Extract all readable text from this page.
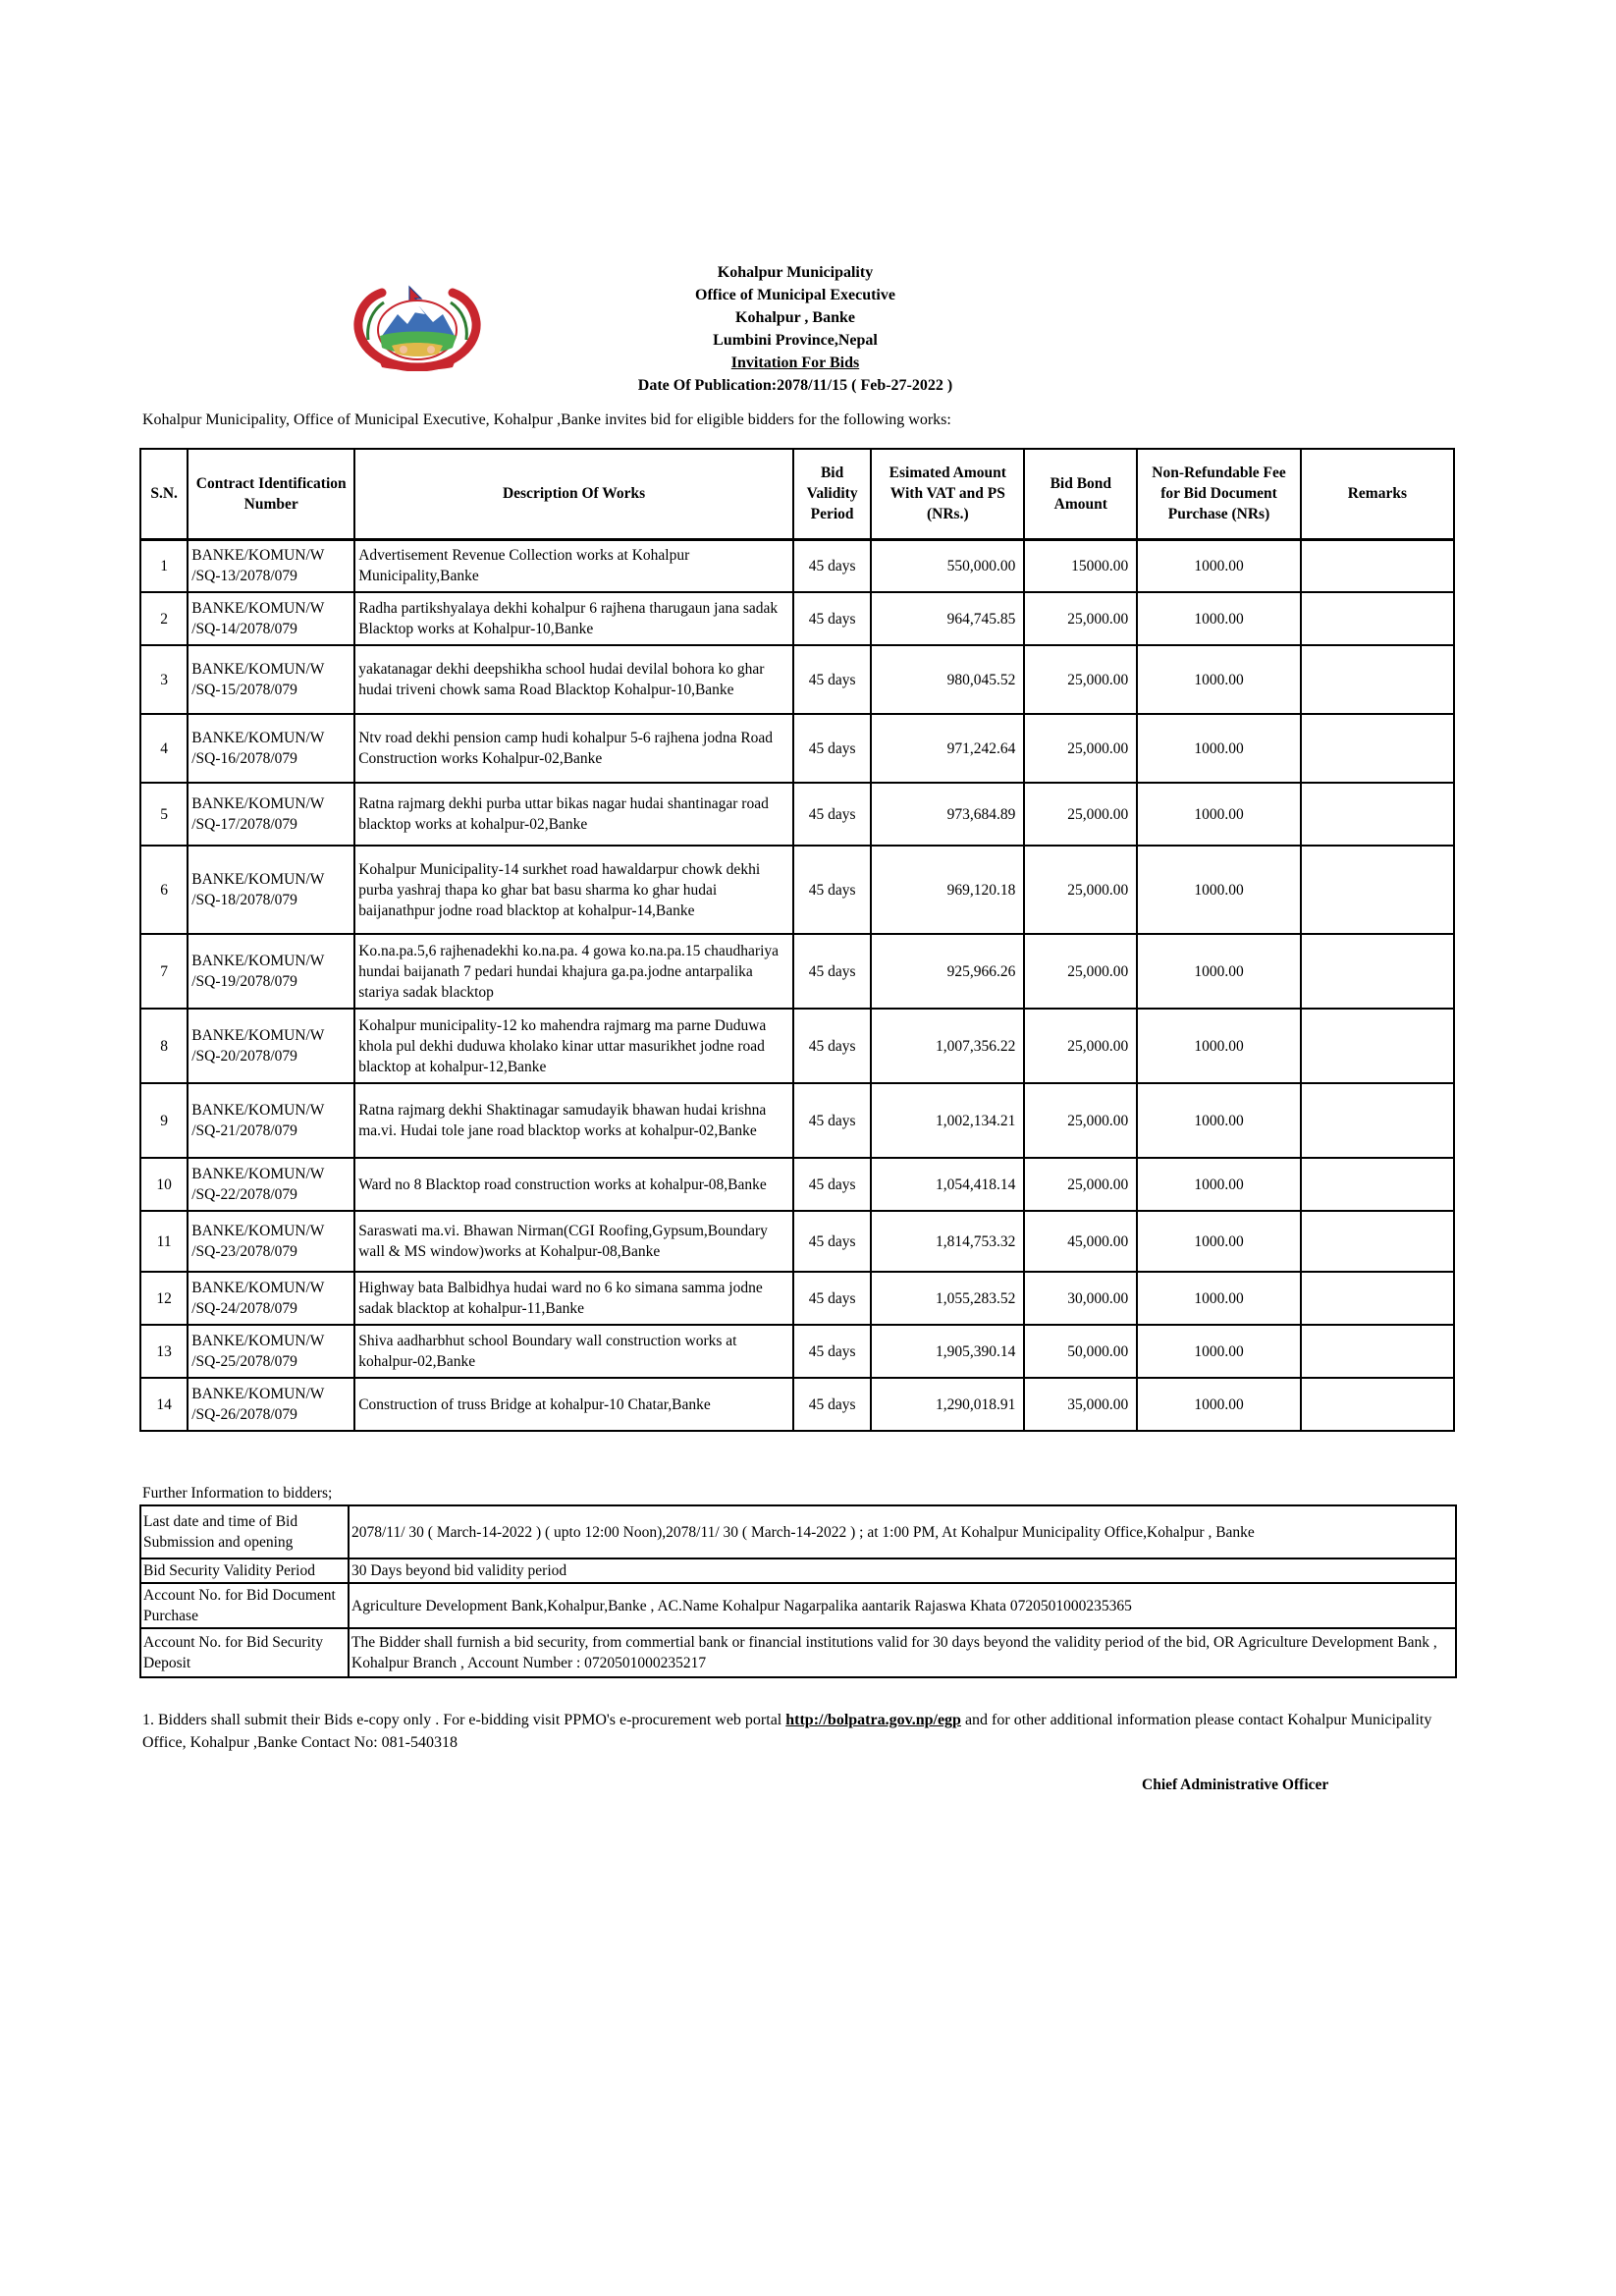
Kohalpur Municipality
Office of Municipal Executive
Kohalpur , Banke
Lumbini Province,Nepal
Invitation For Bids
Date Of Publication:2078/11/15 ( Feb-27-2022 )
Kohalpur Municipality, Office of Municipal Executive, Kohalpur ,Banke invites bid for eligible bidders for the following works:
S.N.	Contract Identification Number	Description Of Works	Bid Validity Period	Esimated Amount With VAT and PS (NRs.)	Bid Bond Amount	Non-Refundable Fee for Bid Document Purchase (NRs)	Remarks
1	BANKE/KOMUN/W /SQ-13/2078/079	Advertisement Revenue Collection works at Kohalpur Municipality,Banke	45 days	550,000.00	15000.00	1000.00	
2	BANKE/KOMUN/W /SQ-14/2078/079	Radha partikshyalaya dekhi kohalpur 6 rajhena tharugaun jana sadak Blacktop works at Kohalpur-10,Banke	45 days	964,745.85	25,000.00	1000.00	
3	BANKE/KOMUN/W /SQ-15/2078/079	yakatanagar dekhi deepshikha school hudai devilal bohora ko ghar hudai triveni chowk sama Road Blacktop Kohalpur-10,Banke	45 days	980,045.52	25,000.00	1000.00	
4	BANKE/KOMUN/W /SQ-16/2078/079	Ntv road dekhi pension camp hudi kohalpur 5-6 rajhena jodna Road Construction works Kohalpur-02,Banke	45 days	971,242.64	25,000.00	1000.00	
5	BANKE/KOMUN/W /SQ-17/2078/079	Ratna rajmarg dekhi purba uttar bikas nagar hudai shantinagar road blacktop works at kohalpur-02,Banke	45 days	973,684.89	25,000.00	1000.00	
6	BANKE/KOMUN/W /SQ-18/2078/079	Kohalpur Municipality-14 surkhet road hawaldarpur chowk dekhi purba yashraj thapa ko ghar bat basu sharma ko ghar hudai baijanathpur jodne road blacktop at kohalpur-14,Banke	45 days	969,120.18	25,000.00	1000.00	
7	BANKE/KOMUN/W /SQ-19/2078/079	Ko.na.pa.5,6 rajhenadekhi ko.na.pa. 4 gowa ko.na.pa.15 chaudhariya hundai baijanath 7 pedari hundai khajura ga.pa.jodne antarpalika stariya sadak blacktop	45 days	925,966.26	25,000.00	1000.00	
8	BANKE/KOMUN/W /SQ-20/2078/079	Kohalpur municipality-12 ko mahendra rajmarg ma parne Duduwa khola pul dekhi duduwa kholako kinar uttar masurikhet jodne road blacktop at kohalpur-12,Banke	45 days	1,007,356.22	25,000.00	1000.00	
9	BANKE/KOMUN/W /SQ-21/2078/079	Ratna rajmarg dekhi Shaktinagar samudayik bhawan hudai krishna ma.vi. Hudai tole jane road blacktop works at kohalpur-02,Banke	45 days	1,002,134.21	25,000.00	1000.00	
10	BANKE/KOMUN/W /SQ-22/2078/079	Ward no 8 Blacktop road construction works at kohalpur-08,Banke	45 days	1,054,418.14	25,000.00	1000.00	
11	BANKE/KOMUN/W /SQ-23/2078/079	Saraswati ma.vi. Bhawan Nirman(CGI Roofing,Gypsum,Boundary wall & MS window)works at Kohalpur-08,Banke	45 days	1,814,753.32	45,000.00	1000.00	
12	BANKE/KOMUN/W /SQ-24/2078/079	Highway bata Balbidhya hudai ward no 6 ko simana samma jodne sadak blacktop at kohalpur-11,Banke	45 days	1,055,283.52	30,000.00	1000.00	
13	BANKE/KOMUN/W /SQ-25/2078/079	Shiva aadharbhut school Boundary wall construction works at kohalpur-02,Banke	45 days	1,905,390.14	50,000.00	1000.00	
14	BANKE/KOMUN/W /SQ-26/2078/079	Construction of truss Bridge at kohalpur-10 Chatar,Banke	45 days	1,290,018.91	35,000.00	1000.00	
Further Information to bidders;
Last date and time of Bid Submission and opening	2078/11/ 30 ( March-14-2022 ) ( upto 12:00 Noon),2078/11/ 30 ( March-14-2022 ) ; at 1:00 PM, At Kohalpur Municipality Office,Kohalpur , Banke
Bid Security Validity Period	30 Days beyond bid validity period
Account No. for Bid Document Purchase	Agriculture Development Bank,Kohalpur,Banke , AC.Name Kohalpur Nagarpalika aantarik Rajaswa Khata 0720501000235365
Account No. for Bid Security Deposit	The Bidder shall furnish a bid security, from commertial bank or financial institutions valid for 30 days beyond the validity period of the bid, OR Agriculture Development Bank , Kohalpur Branch , Account Number : 0720501000235217
1. Bidders shall submit their Bids e-copy only . For e-bidding visit PPMO's e-procurement web portal http://bolpatra.gov.np/egp and for other additional information please contact Kohalpur Municipality Office, Kohalpur ,Banke Contact No: 081-540318
Chief Administrative Officer
